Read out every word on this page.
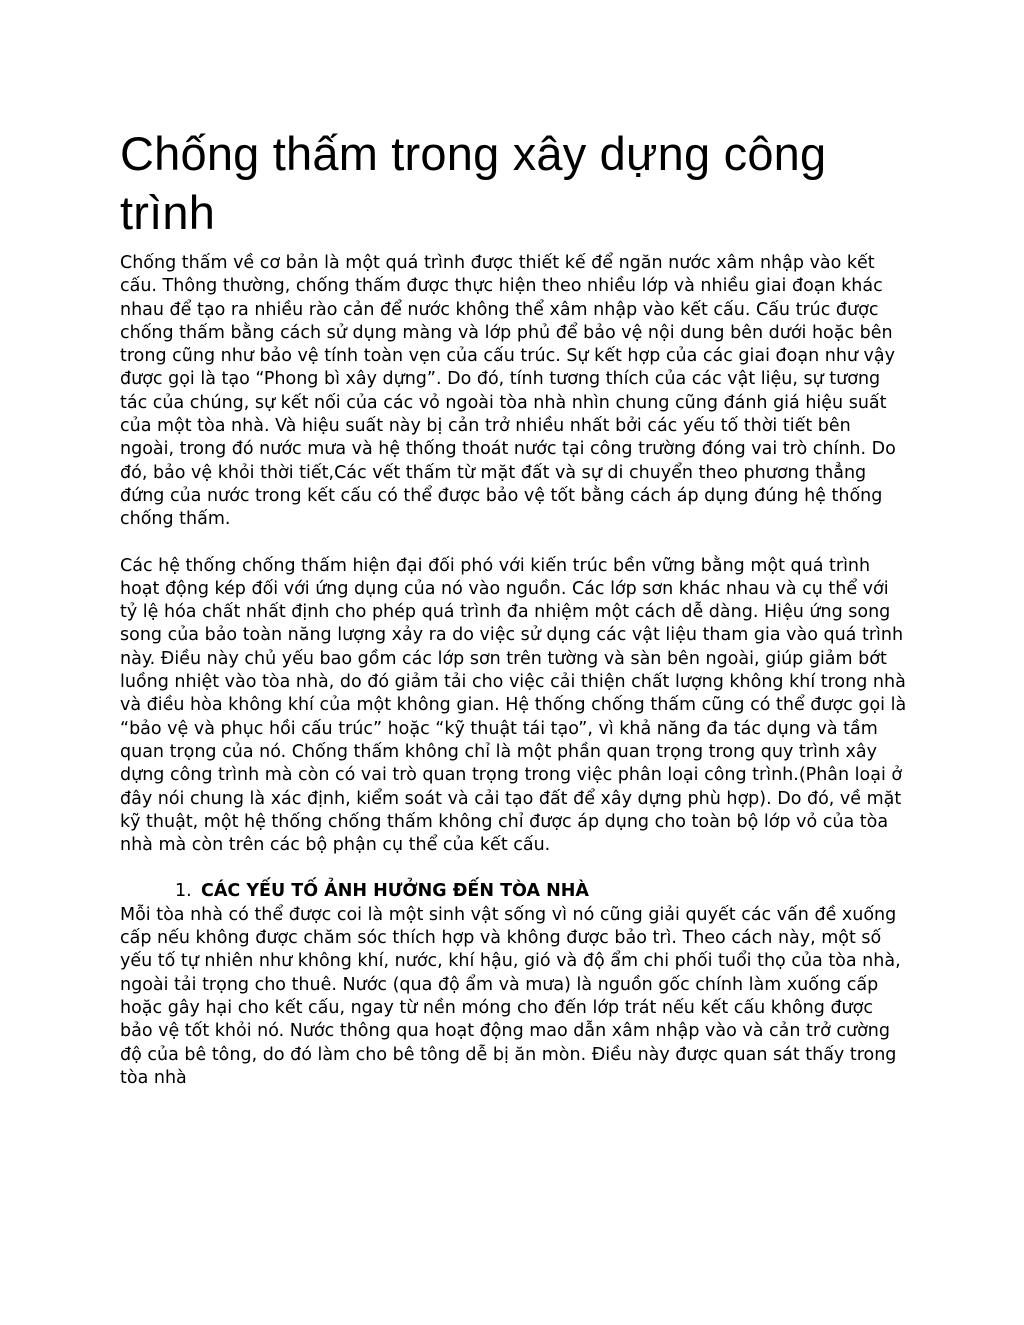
Chống thấm trong xây dựng công trình

Chống thấm về cơ bản là một quá trình được thiết kế để ngăn nước xâm nhập vào kết cấu. Thông thường, chống thấm được thực hiện theo nhiều lớp và nhiều giai đoạn khác nhau để tạo ra nhiều rào cản để nước không thể xâm nhập vào kết cấu. Cấu trúc được chống thấm bằng cách sử dụng màng và lớp phủ để bảo vệ nội dung bên dưới hoặc bên trong cũng như bảo vệ tính toàn vẹn của cấu trúc. Sự kết hợp của các giai đoạn như vậy được gọi là tạo “Phong bì xây dựng”. Do đó, tính tương thích của các vật liệu, sự tương tác của chúng, sự kết nối của các vỏ ngoài tòa nhà nhìn chung cũng đánh giá hiệu suất của một tòa nhà. Và hiệu suất này bị cản trở nhiều nhất bởi các yếu tố thời tiết bên ngoài, trong đó nước mưa và hệ thống thoát nước tại công trường đóng vai trò chính. Do đó, bảo vệ khỏi thời tiết,Các vết thấm từ mặt đất và sự di chuyển theo phương thẳng đứng của nước trong kết cấu có thể được bảo vệ tốt bằng cách áp dụng đúng hệ thống chống thấm.

Các hệ thống chống thấm hiện đại đối phó với kiến trúc bền vững bằng một quá trình hoạt động kép đối với ứng dụng của nó vào nguồn. Các lớp sơn khác nhau và cụ thể với tỷ lệ hóa chất nhất định cho phép quá trình đa nhiệm một cách dễ dàng. Hiệu ứng song song của bảo toàn năng lượng xảy ra do việc sử dụng các vật liệu tham gia vào quá trình này. Điều này chủ yếu bao gồm các lớp sơn trên tường và sàn bên ngoài, giúp giảm bớt luồng nhiệt vào tòa nhà, do đó giảm tải cho việc cải thiện chất lượng không khí trong nhà và điều hòa không khí của một không gian. Hệ thống chống thấm cũng có thể được gọi là “bảo vệ và phục hồi cấu trúc” hoặc “kỹ thuật tái tạo”, vì khả năng đa tác dụng và tầm quan trọng của nó. Chống thấm không chỉ là một phần quan trọng trong quy trình xây dựng công trình mà còn có vai trò quan trọng trong việc phân loại công trình.(Phân loại ở đây nói chung là xác định, kiểm soát và cải tạo đất để xây dựng phù hợp). Do đó, về mặt kỹ thuật, một hệ thống chống thấm không chỉ được áp dụng cho toàn bộ lớp vỏ của tòa nhà mà còn trên các bộ phận cụ thể của kết cấu.

1. CÁC YẾU TỐ ẢNH HƯỞNG ĐẾN TÒA NHÀ

Mỗi tòa nhà có thể được coi là một sinh vật sống vì nó cũng giải quyết các vấn đề xuống cấp nếu không được chăm sóc thích hợp và không được bảo trì. Theo cách này, một số yếu tố tự nhiên như không khí, nước, khí hậu, gió và độ ẩm chi phối tuổi thọ của tòa nhà, ngoài tải trọng cho thuê. Nước (qua độ ẩm và mưa) là nguồn gốc chính làm xuống cấp hoặc gây hại cho kết cấu, ngay từ nền móng cho đến lớp trát nếu kết cấu không được bảo vệ tốt khỏi nó. Nước thông qua hoạt động mao dẫn xâm nhập vào và cản trở cường độ của bê tông, do đó làm cho bê tông dễ bị ăn mòn. Điều này được quan sát thấy trong tòa nhà
